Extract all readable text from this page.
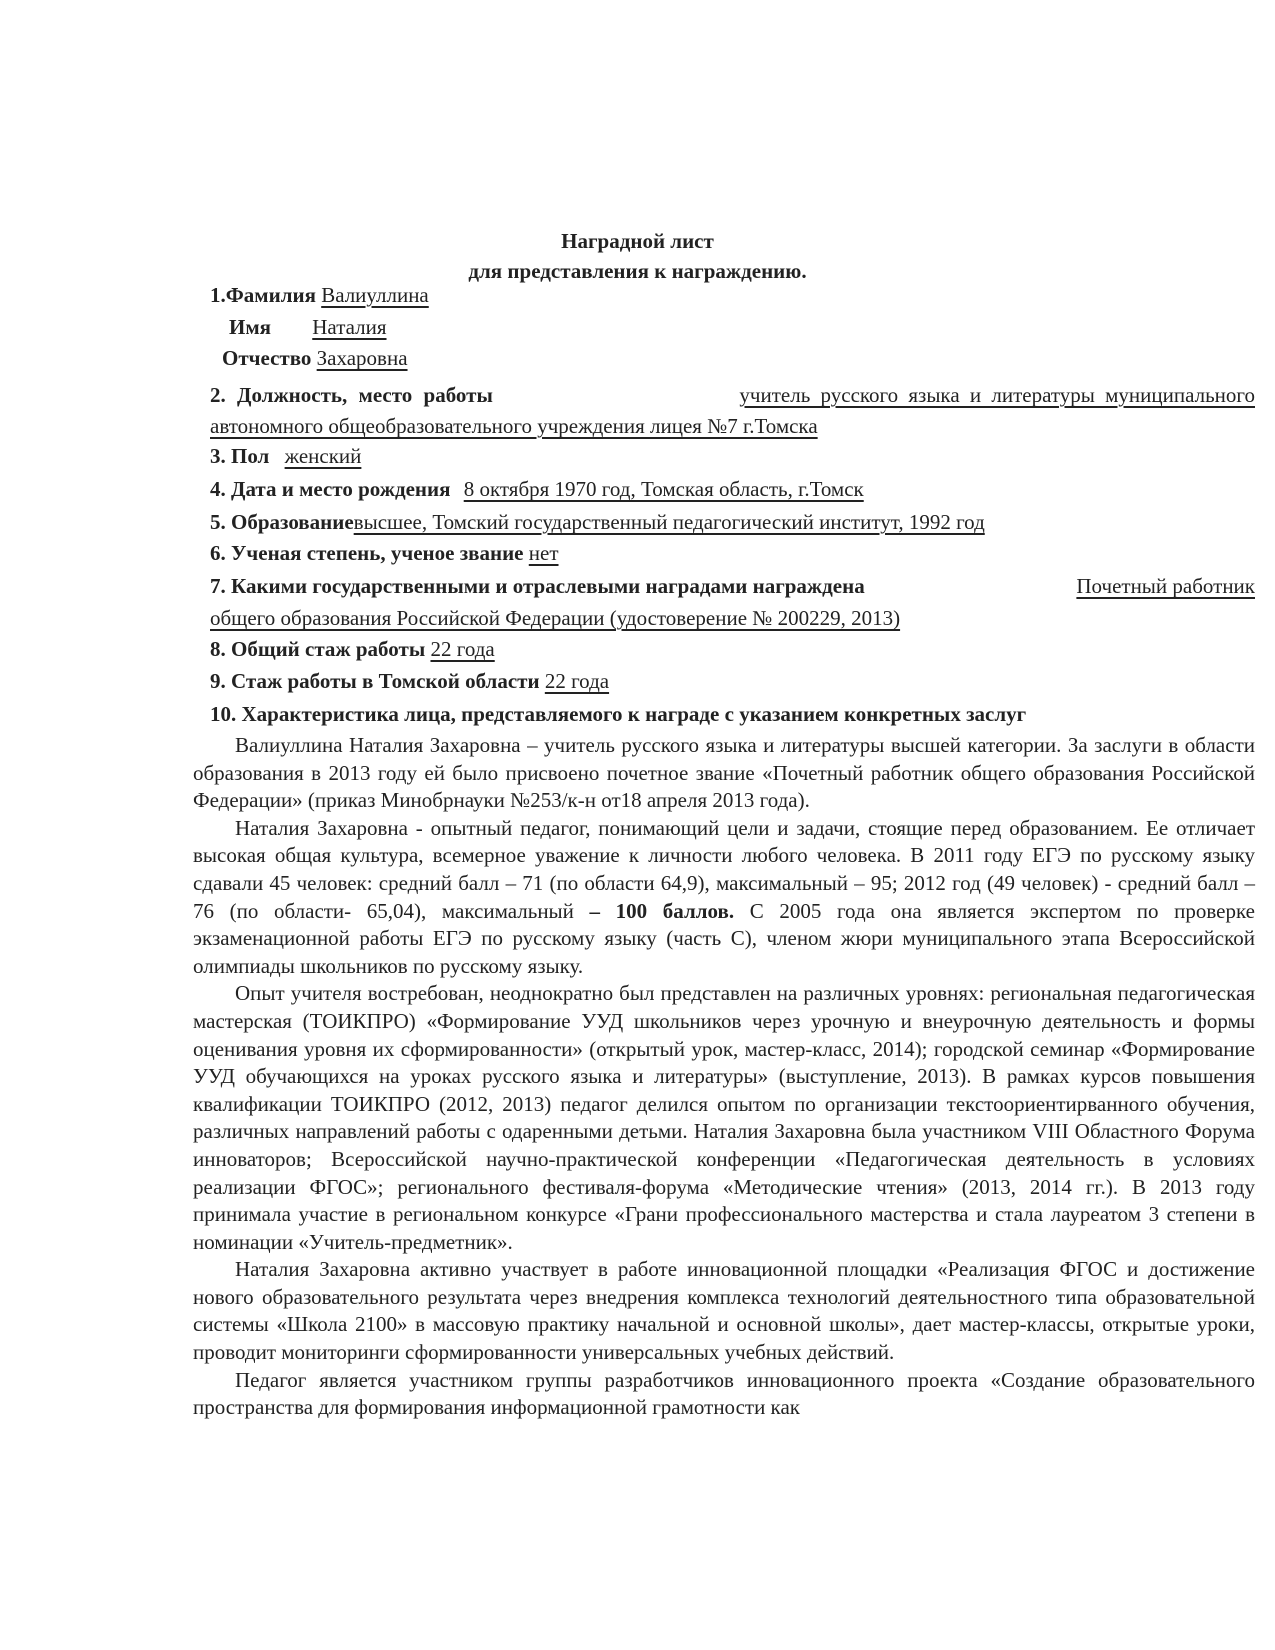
Наградной лист
для представления к награждению.
1.Фамилия Валиуллина
Имя Наталия
Отчество Захаровна
2. Должность, место работы	учитель русского языка и литературы муниципального
автономного общеобразовательного учреждения лицея №7 г.Томска
3. Пол женский
4. Дата и место рождения 8 октября 1970 год, Томская область, г.Томск
5. Образованиевысшее, Томский государственный педагогический институт, 1992 год
6. Ученая степень, ученое звание нет
7. Какими государственными и отраслевыми наградами награждена	Почетный работник
общего образования Российской Федерации (удостоверение № 200229, 2013)
8. Общий стаж работы 22 года
9. Стаж работы в Томской области 22 года
10. Характеристика лица, представляемого к награде с указанием конкретных заслуг

Валиуллина Наталия Захаровна – учитель русского языка и литературы высшей категории. За заслуги в области образования в 2013 году ей было присвоено почетное звание «Почетный работник общего образования Российской Федерации» (приказ Минобрнауки №253/к-н от18 апреля 2013 года).

Наталия Захаровна - опытный педагог, понимающий цели и задачи, стоящие перед образованием. Ее отличает высокая общая культура, всемерное уважение к личности любого человека. В 2011 году ЕГЭ по русскому языку сдавали 45 человек: средний балл – 71 (по области 64,9), максимальный – 95; 2012 год (49 человек) - средний балл – 76 (по области- 65,04), максимальный – 100 баллов. С 2005 года она является экспертом по проверке экзаменационной работы ЕГЭ по русскому языку (часть С), членом жюри муниципального этапа Всероссийской олимпиады школьников по русскому языку.

Опыт учителя востребован, неоднократно был представлен на различных уровнях: региональная педагогическая мастерская (ТОИКПРО) «Формирование УУД школьников через урочную и внеурочную деятельность и формы оценивания уровня их сформированности» (открытый урок, мастер-класс, 2014); городской семинар «Формирование УУД обучающихся на уроках русского языка и литературы» (выступление, 2013). В рамках курсов повышения квалификации ТОИКПРО (2012, 2013) педагог делился опытом по организации текстоориентирванного обучения, различных направлений работы с одаренными детьми. Наталия Захаровна была участником VIII Областного Форума инноваторов; Всероссийской научно-практической конференции «Педагогическая деятельность в условиях реализации ФГОС»; регионального фестиваля-форума «Методические чтения» (2013, 2014 гг.). В 2013 году принимала участие в региональном конкурсе «Грани профессионального мастерства и стала лауреатом 3 степени в номинации «Учитель-предметник».

Наталия Захаровна активно участвует в работе инновационной площадки «Реализация ФГОС и достижение нового образовательного результата через внедрения комплекса технологий деятельностного типа образовательной системы «Школа 2100» в массовую практику начальной и основной школы», дает мастер-классы, открытые уроки, проводит мониторинги сформированности универсальных учебных действий.

Педагог является участником группы разработчиков инновационного проекта «Создание образовательного пространства для формирования информационной грамотности как
